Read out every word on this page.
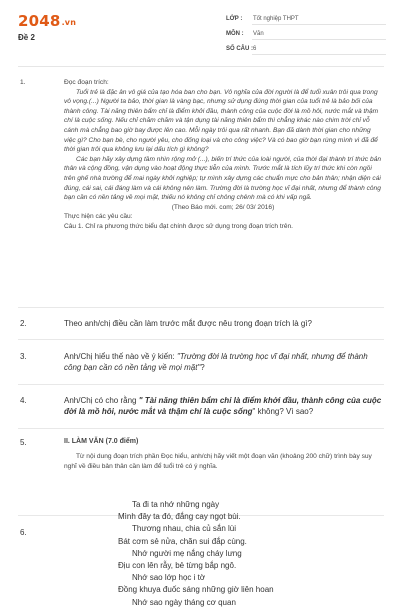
2048.vn
Đề 2
LỚP : Tốt nghiệp THPT
MÔN : Văn
SỐ CÂU : 6
1.	Đọc đoạn trích:

Tuổi trẻ là đặc ân vô giá của tạo hóa ban cho bạn. Vô nghĩa của đời người là để tuổi xuân trôi qua trong vô vọng.(...) Người ta bảo, thời gian là vàng bạc, nhưng sử dụng đúng thời gian của tuổi trẻ là bảo bối của thành công. Tài năng thiên bẩm chỉ là điểm khởi đầu, thành công của cuộc đời là mồ hôi, nước mắt và thậm chí là cuộc sống. Nếu chỉ chăm chăm và tận dụng tài năng thiên bẩm thì chẳng khác nào chim trời chỉ vỗ cánh mà chẳng bao giờ bay được lên cao. Mỗi ngày trôi qua rất nhanh. Bạn đã dành thời gian cho những việc gì? Cho bạn bè, cho người yêu, cho đống loại và cho công việc? Và có bao giờ bạn rùng mình vì đã để thời gian trôi qua không lưu lại dấu tích gì không?

Các bạn hãy xây dựng tầm nhìn rộng mở (...), biến trí thức của loài người, của thời đại thành trí thức bản thân và cộng đồng, vận dụng vào hoạt động thực tiễn của mình. Trước mắt là tích lũy trí thức khi còn ngồi trên ghế nhà trường để mai ngày khởi nghiệp; tự mình xây dựng các chuẩn mực cho bản thân; nhận diện cái đúng, cái sai, cái đáng làm và cái không nên làm. Trường đời là trường học vĩ đại nhất, nhưng để thành công bạn cần có nền tảng về mọi mặt, thiếu nó không chỉ chông chênh mà có khi vấp ngã.

(Theo Báo mới. com; 26/ 03/ 2016)

Thực hiện các yêu cầu:

Câu 1. Chỉ ra phương thức biểu đạt chính được sử dụng trong đoạn trích trên.

2.	Theo anh/chị điều cần làm trước mắt được nêu trong đoạn trích là gì?
3.	Anh/Chị hiểu thế nào về ý kiến: "Trường đời là trường học vĩ đại nhất, nhưng để thành công bạn cần có nền tảng về mọi mặt"?
4.	Anh/Chị có cho rằng " Tài năng thiên bẩm chỉ là điểm khởi đầu, thành công của cuộc đời là mồ hôi, nước mắt và thậm chí là cuộc sống" không? Vì sao?
5.	II. LÀM VĂN (7.0 điểm)
Từ nội dung đoạn trích phần Đọc hiểu, anh/chị hãy viết một đoạn văn (khoảng 200 chữ) trình bày suy nghĩ về điều bản thân cần làm để tuổi trẻ có ý nghĩa.
6.
Ta đi ta nhớ những ngày
Mình đây ta đó, đắng cay ngọt bùi.
Thương nhau, chia củ sắn lùi
Bát cơm sẻ nửa, chăn sui đắp cùng.
Nhớ người mẹ nắng cháy lưng
Địu con lên rẫy, bẻ từng bắp ngô.
Nhớ sao lớp học i tờ
Đồng khuya đuốc sáng những giờ liên hoan
Nhớ sao ngày tháng cơ quan
